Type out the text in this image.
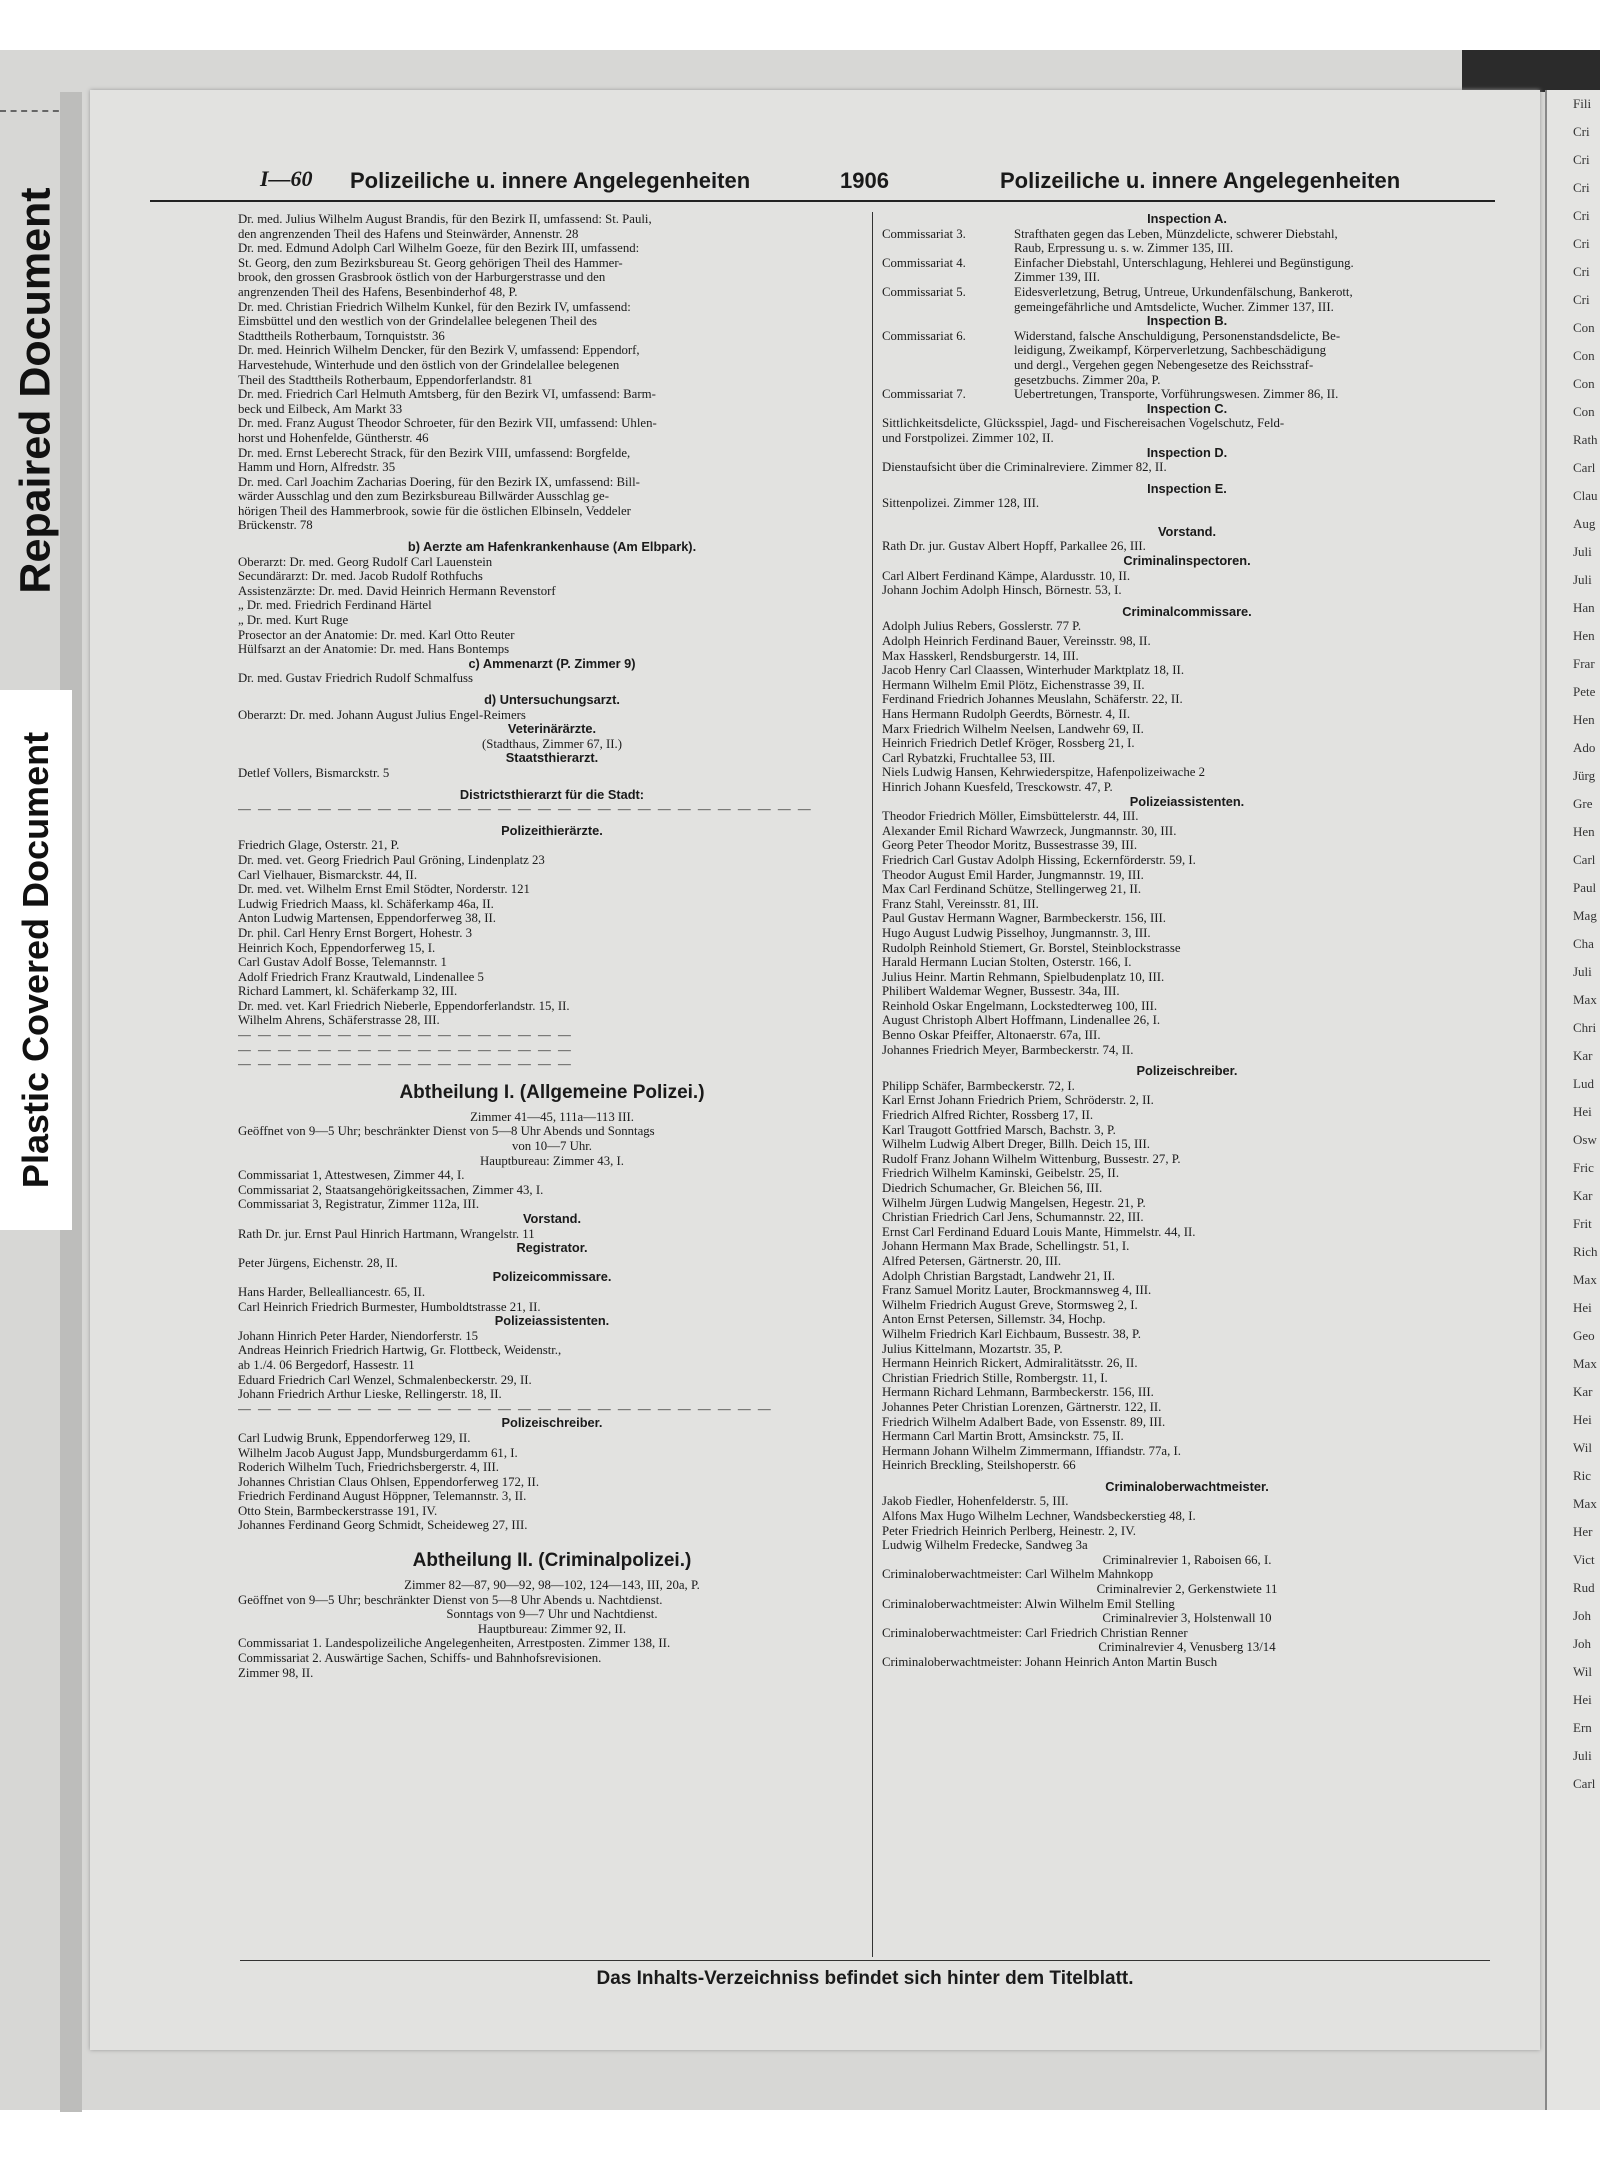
Repaired Document
Plastic Covered Document
Fili
Cri
Cri
Cri
Cri
Cri
Cri
Cri
Con
Con
Con
Con
Rath
Carl
Clau
Aug
Juli
Juli
Han
Hen
Frar
Pete
Hen
Ado
Jürg
Gre
Hen
Carl
Paul
Mag
Cha
Juli
Max
Chri
Kar
Lud
Hei
Osw
Fric
Kar
Frit
Rich
Max
Hei
Geo
Max
Kar
Hei
Wil
Ric
Max
Her
Vict
Rud
Joh
Joh
Wil
Hei
Ern
Juli
Carl
I—60 Polizeiliche u. innere Angelegenheiten	1906	Polizeiliche u. innere Angelegenheiten
Dr. med. Julius Wilhelm August Brandis, für den Bezirk II, umfassend: St. Pauli,
den angrenzenden Theil des Hafens und Steinwärder, Annenstr. 28
Dr. med. Edmund Adolph Carl Wilhelm Goeze, für den Bezirk III, umfassend:
St. Georg, den zum Bezirksbureau St. Georg gehörigen Theil des Hammer-
brook, den grossen Grasbrook östlich von der Harburgerstrasse und den
angrenzenden Theil des Hafens, Besenbinderhof 48, P.
Dr. med. Christian Friedrich Wilhelm Kunkel, für den Bezirk IV, umfassend:
Eimsbüttel und den westlich von der Grindelallee belegenen Theil des
Stadttheils Rotherbaum, Tornquiststr. 36
Dr. med. Heinrich Wilhelm Dencker, für den Bezirk V, umfassend: Eppendorf,
Harvestehude, Winterhude und den östlich von der Grindelallee belegenen
Theil des Stadttheils Rotherbaum, Eppendorferlandstr. 81
Dr. med. Friedrich Carl Helmuth Amtsberg, für den Bezirk VI, umfassend: Barm-
beck und Eilbeck, Am Markt 33
Dr. med. Franz August Theodor Schroeter, für den Bezirk VII, umfassend: Uhlen-
horst und Hohenfelde, Güntherstr. 46
Dr. med. Ernst Leberecht Strack, für den Bezirk VIII, umfassend: Borgfelde,
Hamm und Horn, Alfredstr. 35
Dr. med. Carl Joachim Zacharias Doering, für den Bezirk IX, umfassend: Bill-
wärder Ausschlag und den zum Bezirksbureau Billwärder Ausschlag ge-
hörigen Theil des Hammerbrook, sowie für die östlichen Elbinseln, Veddeler
Brückenstr. 78
b) Aerzte am Hafenkrankenhause (Am Elbpark).
Oberarzt: Dr. med. Georg Rudolf Carl Lauenstein
Secundärarzt: Dr. med. Jacob Rudolf Rothfuchs
Assistenzärzte: Dr. med. David Heinrich Hermann Revenstorf
„ Dr. med. Friedrich Ferdinand Härtel
„ Dr. med. Kurt Ruge
Prosector an der Anatomie: Dr. med. Karl Otto Reuter
Hülfsarzt an der Anatomie: Dr. med. Hans Bontemps
c) Ammenarzt (P. Zimmer 9)
Dr. med. Gustav Friedrich Rudolf Schmalfuss
d) Untersuchungsarzt.
Oberarzt: Dr. med. Johann August Julius Engel-Reimers
Veterinärärzte.
(Stadthaus, Zimmer 67, II.)
Staatsthierarzt.
Detlef Vollers, Bismarckstr. 5
Districtsthierarzt für die Stadt:
— — — — — — — — — — — — — — — — — — — — — — — — — — — — —
Polizeithierärzte.
Friedrich Glage, Osterstr. 21, P.
Dr. med. vet. Georg Friedrich Paul Gröning, Lindenplatz 23
Carl Vielhauer, Bismarckstr. 44, II.
Dr. med. vet. Wilhelm Ernst Emil Stödter, Norderstr. 121
Ludwig Friedrich Maass, kl. Schäferkamp 46a, II.
Anton Ludwig Martensen, Eppendorferweg 38, II.
Dr. phil. Carl Henry Ernst Borgert, Hohestr. 3
Heinrich Koch, Eppendorferweg 15, I.
Carl Gustav Adolf Bosse, Telemannstr. 1
Adolf Friedrich Franz Krautwald, Lindenallee 5
Richard Lammert, kl. Schäferkamp 32, III.
Dr. med. vet. Karl Friedrich Nieberle, Eppendorferlandstr. 15, II.
Wilhelm Ahrens, Schäferstrasse 28, III.
— — — — — — — — — — — — — — — — —
— — — — — — — — — — — — — — — — —
— — — — — — — — — — — — — — — — —
Abtheilung I. (Allgemeine Polizei.)
Zimmer 41—45, 111a—113 III.
Geöffnet von 9—5 Uhr; beschränkter Dienst von 5—8 Uhr Abends und Sonntags
von 10—7 Uhr.
Hauptbureau: Zimmer 43, I.
Commissariat 1, Attestwesen, Zimmer 44, I.
Commissariat 2, Staatsangehörigkeitssachen, Zimmer 43, I.
Commissariat 3, Registratur, Zimmer 112a, III.
Vorstand.
Rath Dr. jur. Ernst Paul Hinrich Hartmann, Wrangelstr. 11
Registrator.
Peter Jürgens, Eichenstr. 28, II.
Polizeicommissare.
Hans Harder, Bellealliancestr. 65, II.
Carl Heinrich Friedrich Burmester, Humboldtstrasse 21, II.
Polizeiassistenten.
Johann Hinrich Peter Harder, Niendorferstr. 15
Andreas Heinrich Friedrich Hartwig, Gr. Flottbeck, Weidenstr.,
ab 1./4. 06 Bergedorf, Hassestr. 11
Eduard Friedrich Carl Wenzel, Schmalenbeckerstr. 29, II.
Johann Friedrich Arthur Lieske, Rellingerstr. 18, II.
— — — — — — — — — — — — — — — — — — — — — — — — — — —
Polizeischreiber.
Carl Ludwig Brunk, Eppendorferweg 129, II.
Wilhelm Jacob August Japp, Mundsburgerdamm 61, I.
Roderich Wilhelm Tuch, Friedrichsbergerstr. 4, III.
Johannes Christian Claus Ohlsen, Eppendorferweg 172, II.
Friedrich Ferdinand August Höppner, Telemannstr. 3, II.
Otto Stein, Barmbeckerstrasse 191, IV.
Johannes Ferdinand Georg Schmidt, Scheideweg 27, III.
Abtheilung II. (Criminalpolizei.)
Zimmer 82—87, 90—92, 98—102, 124—143, III, 20a, P.
Geöffnet von 9—5 Uhr; beschränkter Dienst von 5—8 Uhr Abends u. Nachtdienst.
Sonntags von 9—7 Uhr und Nachtdienst.
Hauptbureau: Zimmer 92, II.
Commissariat 1. Landespolizeiliche Angelegenheiten, Arrestposten. Zimmer 138, II.
Commissariat 2. Auswärtige Sachen, Schiffs- und Bahnhofsrevisionen.
Zimmer 98, II.
Inspection A.
Commissariat 3.	Strafthaten gegen das Leben, Münzdelicte, schwerer Diebstahl,
Raub, Erpressung u. s. w. Zimmer 135, III.
Commissariat 4.	Einfacher Diebstahl, Unterschlagung, Hehlerei und Begünstigung.
Zimmer 139, III.
Commissariat 5.	Eidesverletzung, Betrug, Untreue, Urkundenfälschung, Bankerott,
gemeingefährliche und Amtsdelicte, Wucher. Zimmer 137, III.
Inspection B.
Commissariat 6.	Widerstand, falsche Anschuldigung, Personenstandsdelicte, Be-
leidigung, Zweikampf, Körperverletzung, Sachbeschädigung
und dergl., Vergehen gegen Nebengesetze des Reichsstraf-
gesetzbuchs. Zimmer 20a, P.
Commissariat 7.	Uebertretungen, Transporte, Vorführungswesen. Zimmer 86, II.
Inspection C.
Sittlichkeitsdelicte, Glücksspiel, Jagd- und Fischereisachen Vogelschutz, Feld-
und Forstpolizei. Zimmer 102, II.
Inspection D.
Dienstaufsicht über die Criminalreviere. Zimmer 82, II.
Inspection E.
Sittenpolizei. Zimmer 128, III.
Vorstand.
Rath Dr. jur. Gustav Albert Hopff, Parkallee 26, III.
Criminalinspectoren.
Carl Albert Ferdinand Kämpe, Alardusstr. 10, II.
Johann Jochim Adolph Hinsch, Börnestr. 53, I.
Criminalcommissare.
Adolph Julius Rebers, Gosslerstr. 77 P.
Adolph Heinrich Ferdinand Bauer, Vereinsstr. 98, II.
Max Hasskerl, Rendsburgerstr. 14, III.
Jacob Henry Carl Claassen, Winterhuder Marktplatz 18, II.
Hermann Wilhelm Emil Plötz, Eichenstrasse 39, II.
Ferdinand Friedrich Johannes Meuslahn, Schäferstr. 22, II.
Hans Hermann Rudolph Geerdts, Börnestr. 4, II.
Marx Friedrich Wilhelm Neelsen, Landwehr 69, II.
Heinrich Friedrich Detlef Kröger, Rossberg 21, I.
Carl Rybatzki, Fruchtallee 53, III.
Niels Ludwig Hansen, Kehrwiederspitze, Hafenpolizeiwache 2
Hinrich Johann Kuesfeld, Tresckowstr. 47, P.
Polizeiassistenten.
Theodor Friedrich Möller, Eimsbüttelerstr. 44, III.
Alexander Emil Richard Wawrzeck, Jungmannstr. 30, III.
Georg Peter Theodor Moritz, Bussestrasse 39, III.
Friedrich Carl Gustav Adolph Hissing, Eckernförderstr. 59, I.
Theodor August Emil Harder, Jungmannstr. 19, III.
Max Carl Ferdinand Schütze, Stellingerweg 21, II.
Franz Stahl, Vereinsstr. 81, III.
Paul Gustav Hermann Wagner, Barmbeckerstr. 156, III.
Hugo August Ludwig Pisselhoy, Jungmannstr. 3, III.
Rudolph Reinhold Stiemert, Gr. Borstel, Steinblockstrasse
Harald Hermann Lucian Stolten, Osterstr. 166, I.
Julius Heinr. Martin Rehmann, Spielbudenplatz 10, III.
Philibert Waldemar Wegner, Bussestr. 34a, III.
Reinhold Oskar Engelmann, Lockstedterweg 100, III.
August Christoph Albert Hoffmann, Lindenallee 26, I.
Benno Oskar Pfeiffer, Altonaerstr. 67a, III.
Johannes Friedrich Meyer, Barmbeckerstr. 74, II.
Polizeischreiber.
Philipp Schäfer, Barmbeckerstr. 72, I.
Karl Ernst Johann Friedrich Priem, Schröderstr. 2, II.
Friedrich Alfred Richter, Rossberg 17, II.
Karl Traugott Gottfried Marsch, Bachstr. 3, P.
Wilhelm Ludwig Albert Dreger, Billh. Deich 15, III.
Rudolf Franz Johann Wilhelm Wittenburg, Bussestr. 27, P.
Friedrich Wilhelm Kaminski, Geibelstr. 25, II.
Diedrich Schumacher, Gr. Bleichen 56, III.
Wilhelm Jürgen Ludwig Mangelsen, Hegestr. 21, P.
Christian Friedrich Carl Jens, Schumannstr. 22, III.
Ernst Carl Ferdinand Eduard Louis Mante, Himmelstr. 44, II.
Johann Hermann Max Brade, Schellingstr. 51, I.
Alfred Petersen, Gärtnerstr. 20, III.
Adolph Christian Bargstadt, Landwehr 21, II.
Franz Samuel Moritz Lauter, Brockmannsweg 4, III.
Wilhelm Friedrich August Greve, Stormsweg 2, I.
Anton Ernst Petersen, Sillemstr. 34, Hochp.
Wilhelm Friedrich Karl Eichbaum, Bussestr. 38, P.
Julius Kittelmann, Mozartstr. 35, P.
Hermann Heinrich Rickert, Admiralitätsstr. 26, II.
Christian Friedrich Stille, Rombergstr. 11, I.
Hermann Richard Lehmann, Barmbeckerstr. 156, III.
Johannes Peter Christian Lorenzen, Gärtnerstr. 122, II.
Friedrich Wilhelm Adalbert Bade, von Essenstr. 89, III.
Hermann Carl Martin Brott, Amsinckstr. 75, II.
Hermann Johann Wilhelm Zimmermann, Iffiandstr. 77a, I.
Heinrich Breckling, Steilshoperstr. 66
Criminaloberwachtmeister.
Jakob Fiedler, Hohenfelderstr. 5, III.
Alfons Max Hugo Wilhelm Lechner, Wandsbeckerstieg 48, I.
Peter Friedrich Heinrich Perlberg, Heinestr. 2, IV.
Ludwig Wilhelm Fredecke, Sandweg 3a
Criminalrevier 1, Raboisen 66, I.
Criminaloberwachtmeister: Carl Wilhelm Mahnkopp
Criminalrevier 2, Gerkenstwiete 11
Criminaloberwachtmeister: Alwin Wilhelm Emil Stelling
Criminalrevier 3, Holstenwall 10
Criminaloberwachtmeister: Carl Friedrich Christian Renner
Criminalrevier 4, Venusberg 13/14
Criminaloberwachtmeister: Johann Heinrich Anton Martin Busch
Das Inhalts-Verzeichniss befindet sich hinter dem Titelblatt.
